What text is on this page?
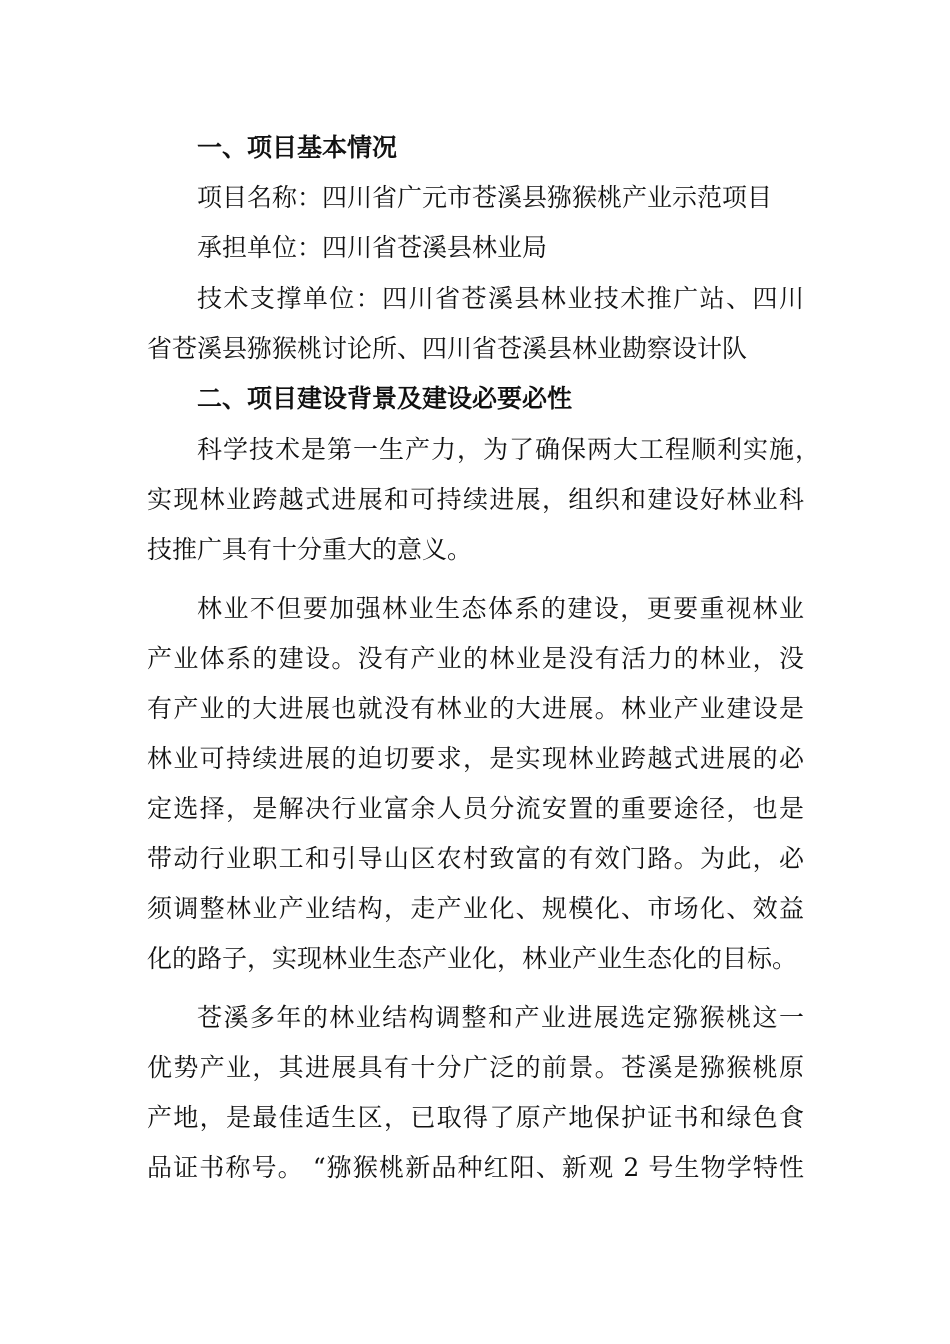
一、项目基本情况
项目名称：四川省广元市苍溪县猕猴桃产业示范项目
承担单位：四川省苍溪县林业局
技术支撑单位：四川省苍溪县林业技术推广站、四川
省苍溪县猕猴桃讨论所、四川省苍溪县林业勘察设计队
二、项目建设背景及建设必要必性
科学技术是第一生产力，为了确保两大工程顺利实施，
实现林业跨越式进展和可持续进展，组织和建设好林业科
技推广具有十分重大的意义。
林业不但要加强林业生态体系的建设，更要重视林业
产业体系的建设。没有产业的林业是没有活力的林业，没
有产业的大进展也就没有林业的大进展。林业产业建设是
林业可持续进展的迫切要求，是实现林业跨越式进展的必
定选择，是解决行业富余人员分流安置的重要途径，也是
带动行业职工和引导山区农村致富的有效门路。为此，必
须调整林业产业结构，走产业化、规模化、市场化、效益
化的路子，实现林业生态产业化，林业产业生态化的目标。
苍溪多年的林业结构调整和产业进展选定猕猴桃这一
优势产业，其进展具有十分广泛的前景。苍溪是猕猴桃原
产地，是最佳适生区，已取得了原产地保护证书和绿色食
品证书称号。 “猕猴桃新品种红阳、新观 2 号生物学特性
